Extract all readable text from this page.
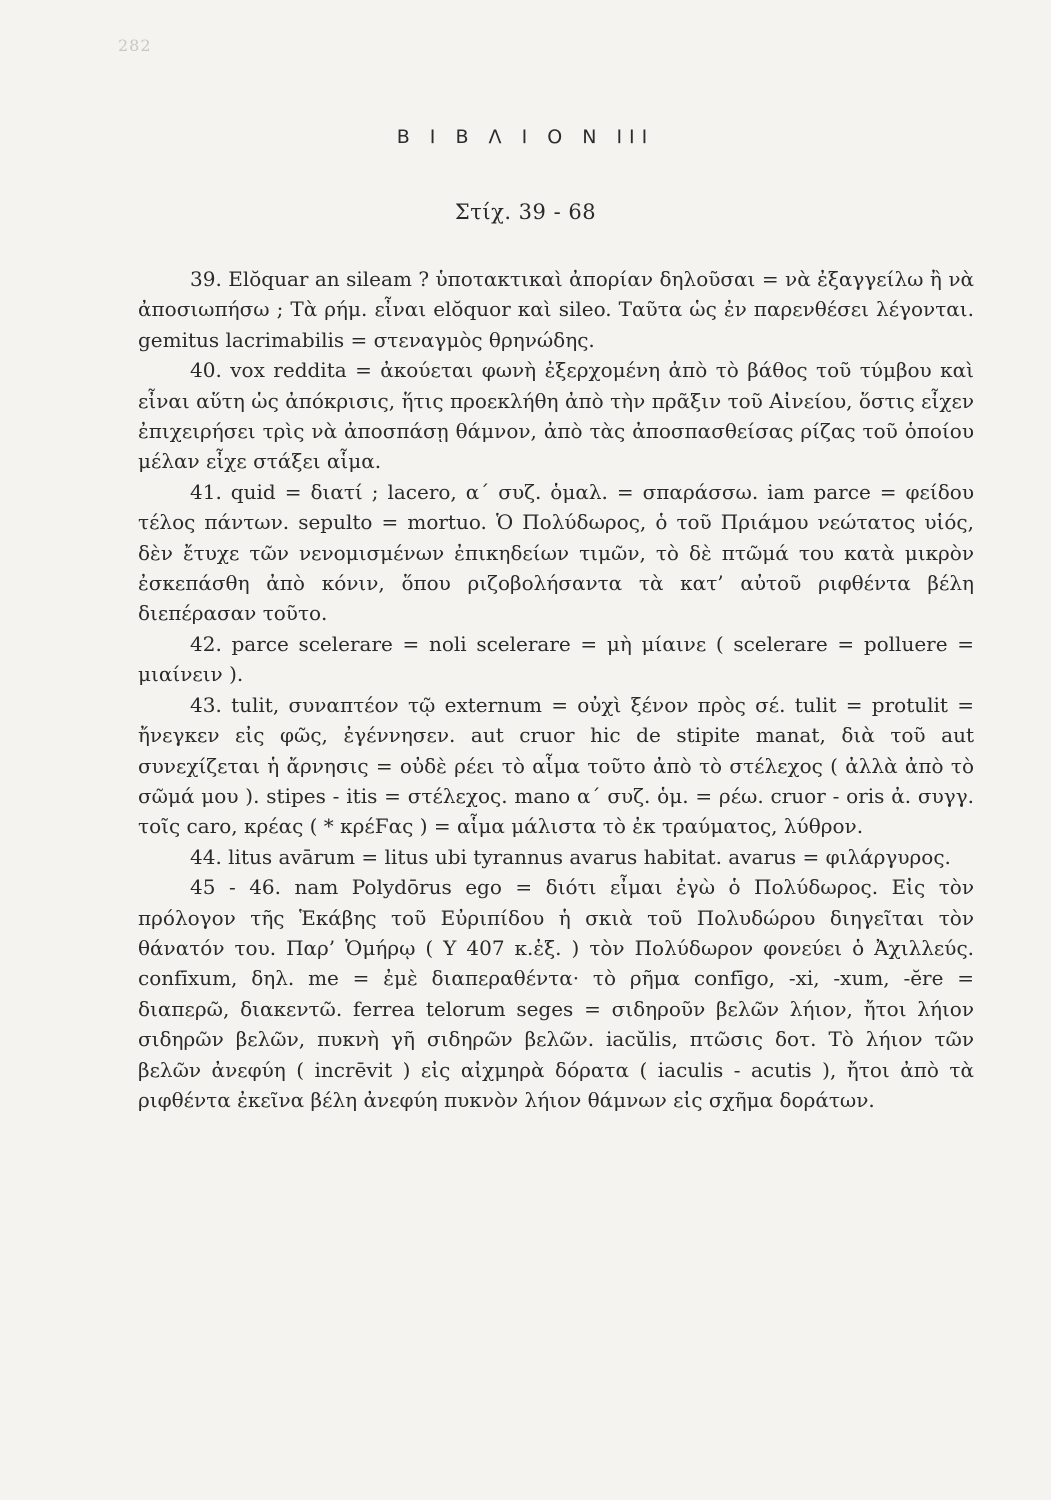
282
Β Ι Β Λ Ι Ο Ν ΙΙΙ
Στίχ. 39 - 68

39. Elŏquar an sileam ? ὑποτακτικαὶ ἀπορίαν δηλοῦσαι = νὰ ἐξαγγείλω ἢ νὰ ἀποσιωπήσω ; Τὰ ρήμ. εἶναι elŏquor καὶ sileo. Ταῦτα ὡς ἐν παρενθέσει λέγονται. gemitus lacrimabilis = στεναγμὸς θρηνώδης.

40. vox reddita = ἀκούεται φωνὴ ἐξερχομένη ἀπὸ τὸ βάθος τοῦ τύμβου καὶ εἶναι αὕτη ὡς ἀπόκρισις, ἥτις προεκλήθη ἀπὸ τὴν πρᾶξιν τοῦ Αἰνείου, ὅστις εἶχεν ἐπιχειρήσει τρὶς νὰ ἀποσπάσῃ θάμνον, ἀπὸ τὰς ἀποσπασθείσας ρίζας τοῦ ὁποίου μέλαν εἶχε στάξει αἷμα.

41. quid = διατί ; lacero, α΄ συζ. ὁμαλ. = σπαράσσω. iam parce = φείδου τέλος πάντων. sepulto = mortuo. Ὁ Πολύδωρος, ὁ τοῦ Πριάμου νεώτατος υἱός, δὲν ἔτυχε τῶν νενομισμένων ἐπικηδείων τιμῶν, τὸ δὲ πτῶμά του κατὰ μικρὸν ἐσκεπάσθη ἀπὸ κόνιν, ὅπου ριζοβολήσαντα τὰ κατ’ αὐτοῦ ριφθέντα βέλη διεπέρασαν τοῦτο.

42. parce scelerare = noli scelerare = μὴ μίαινε ( scelerare = polluere = μιαίνειν ).

43. tulit, συναπτέον τῷ externum = οὐχὶ ξένον πρὸς σέ. tulit = protulit = ἤνεγκεν εἰς φῶς, ἐγέννησεν. aut cruor hic de stipite manat, διὰ τοῦ aut συνεχίζεται ἡ ἄρνησις = οὐδὲ ρέει τὸ αἷμα τοῦτο ἀπὸ τὸ στέλεχος ( ἀλλὰ ἀπὸ τὸ σῶμά μου ). stipes - itis = στέλεχος. mano α΄ συζ. ὁμ. = ρέω. cruor - oris ἀ. συγγ. τοῖς caro, κρέας ( * κρέϜας ) = αἷμα μάλιστα τὸ ἐκ τραύματος, λύθρον.

44. litus avārum = litus ubi tyrannus avarus habitat. avarus = φιλάργυρος.

45 - 46. nam Polydōrus ego = διότι εἶμαι ἐγὼ ὁ Πολύδωρος. Εἰς τὸν πρόλογον τῆς Ἑκάβης τοῦ Εὐριπίδου ἡ σκιὰ τοῦ Πολυδώρου διηγεῖται τὸν θάνατόν του. Παρ’ Ὁμήρῳ ( Υ 407 κ.ἑξ. ) τὸν Πολύδωρον φονεύει ὁ Ἀχιλλεύς. confīxum, δηλ. me = ἐμὲ διαπεραθέντα· τὸ ρῆμα confīgo, -xi, -xum, -ĕre = διαπερῶ, διακεντῶ. ferrea telorum seges = σιδηροῦν βελῶν λήιον, ἤτοι λήιον σιδηρῶν βελῶν, πυκνὴ γῆ σιδηρῶν βελῶν. iacŭlis, πτῶσις δοτ. Τὸ λήιον τῶν βελῶν ἀνεφύη ( incrēvit ) εἰς αἰχμηρὰ δόρατα ( iaculis - acutis ), ἤτοι ἀπὸ τὰ ριφθέντα ἐκεῖνα βέλη ἀνεφύη πυκνὸν λήιον θάμνων εἰς σχῆμα δοράτων.
